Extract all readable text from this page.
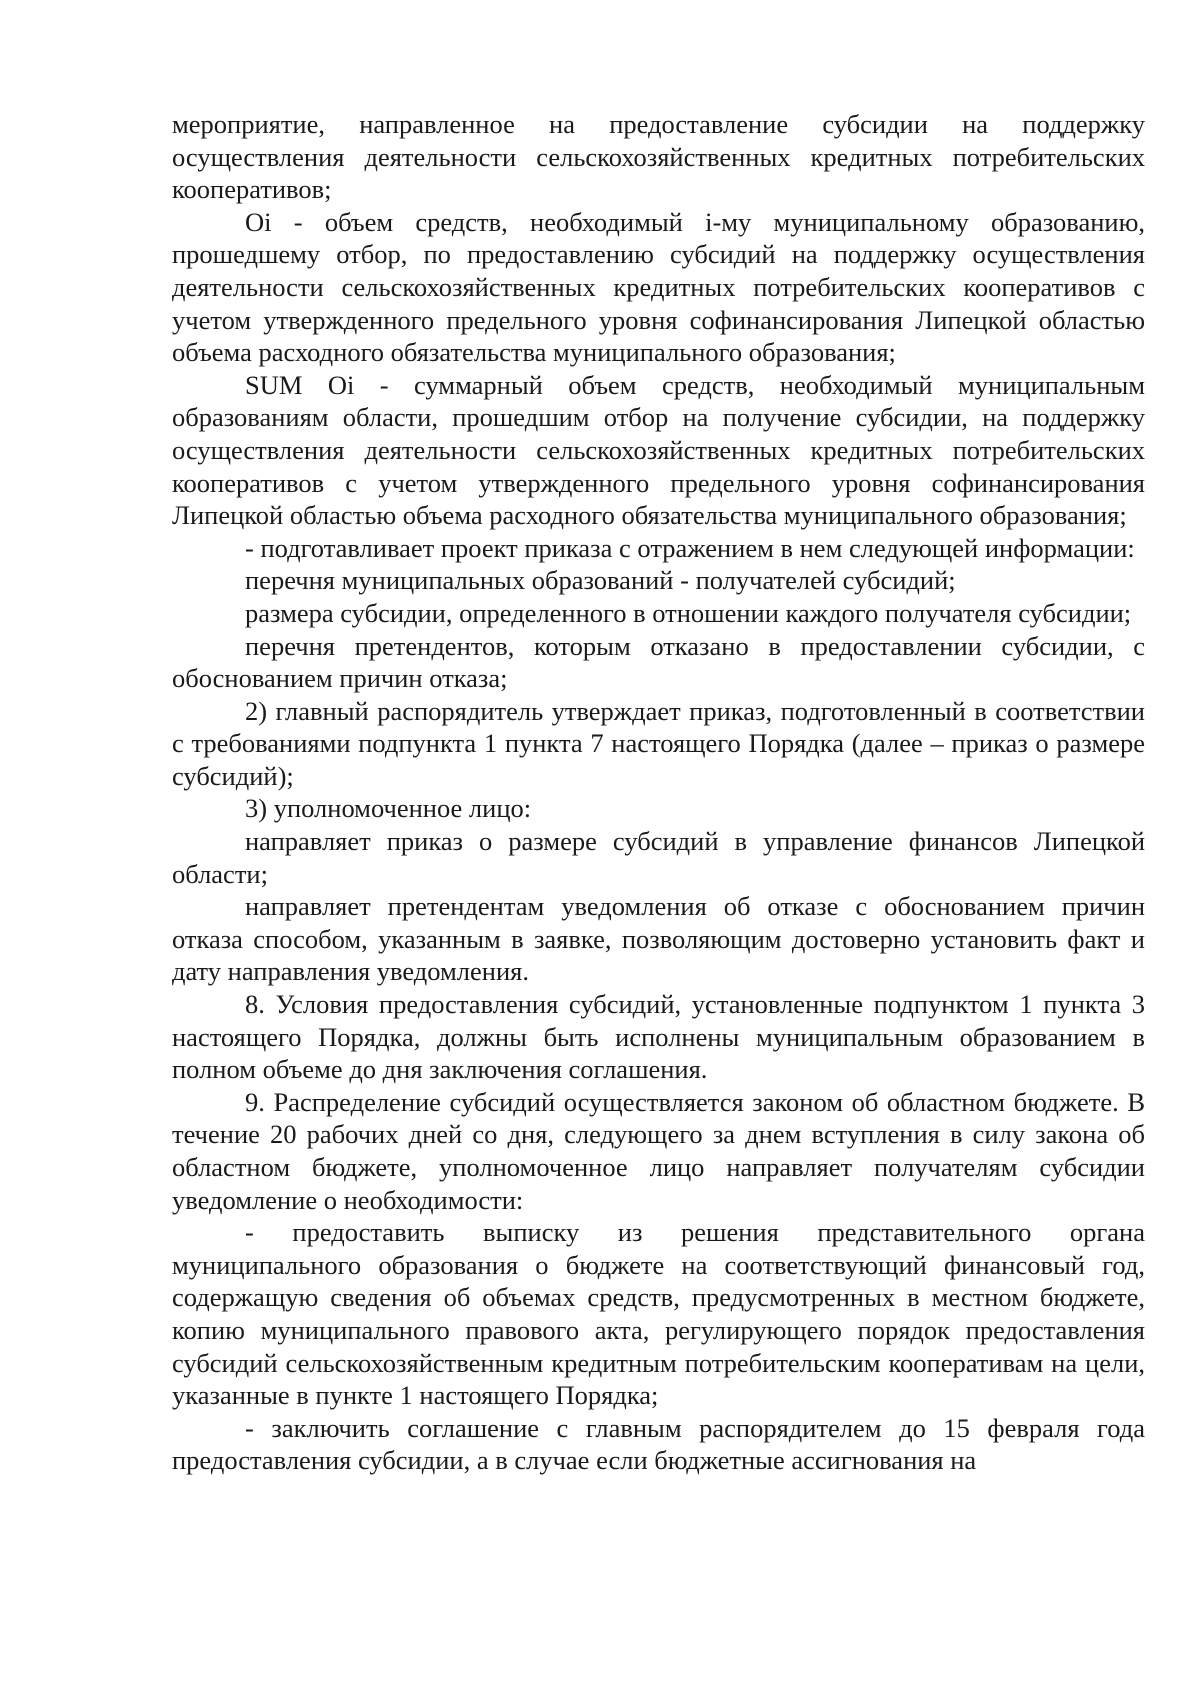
мероприятие, направленное на предоставление субсидии на поддержку осуществления деятельности сельскохозяйственных кредитных потребительских кооперативов;

Oi - объем средств, необходимый i-му муниципальному образованию, прошедшему отбор, по предоставлению субсидий на поддержку осуществления деятельности сельскохозяйственных кредитных потребительских кооперативов с учетом утвержденного предельного уровня софинансирования Липецкой областью объема расходного обязательства муниципального образования;

SUM Oi - суммарный объем средств, необходимый муниципальным образованиям области, прошедшим отбор на получение субсидии, на поддержку осуществления деятельности сельскохозяйственных кредитных потребительских кооперативов с учетом утвержденного предельного уровня софинансирования Липецкой областью объема расходного обязательства муниципального образования;

- подготавливает проект приказа с отражением в нем следующей информации:

перечня муниципальных образований - получателей субсидий;

размера субсидии, определенного в отношении каждого получателя субсидии;

перечня претендентов, которым отказано в предоставлении субсидии, с обоснованием причин отказа;

2) главный распорядитель утверждает приказ, подготовленный в соответствии с требованиями подпункта 1 пункта 7 настоящего Порядка (далее – приказ о размере субсидий);

3) уполномоченное лицо:

направляет приказ о размере субсидий в управление финансов Липецкой области;

направляет претендентам уведомления об отказе с обоснованием причин отказа способом, указанным в заявке, позволяющим достоверно установить факт и дату направления уведомления.

8. Условия предоставления субсидий, установленные подпунктом 1 пункта 3 настоящего Порядка, должны быть исполнены муниципальным образованием в полном объеме до дня заключения соглашения.

9. Распределение субсидий осуществляется законом об областном бюджете. В течение 20 рабочих дней со дня, следующего за днем вступления в силу закона об областном бюджете, уполномоченное лицо направляет получателям субсидии уведомление о необходимости:

- предоставить выписку из решения представительного органа муниципального образования о бюджете на соответствующий финансовый год, содержащую сведения об объемах средств, предусмотренных в местном бюджете, копию муниципального правового акта, регулирующего порядок предоставления субсидий сельскохозяйственным кредитным потребительским кооперативам на цели, указанные в пункте 1 настоящего Порядка;

- заключить соглашение с главным распорядителем до 15 февраля года предоставления субсидии, а в случае если бюджетные ассигнования на
